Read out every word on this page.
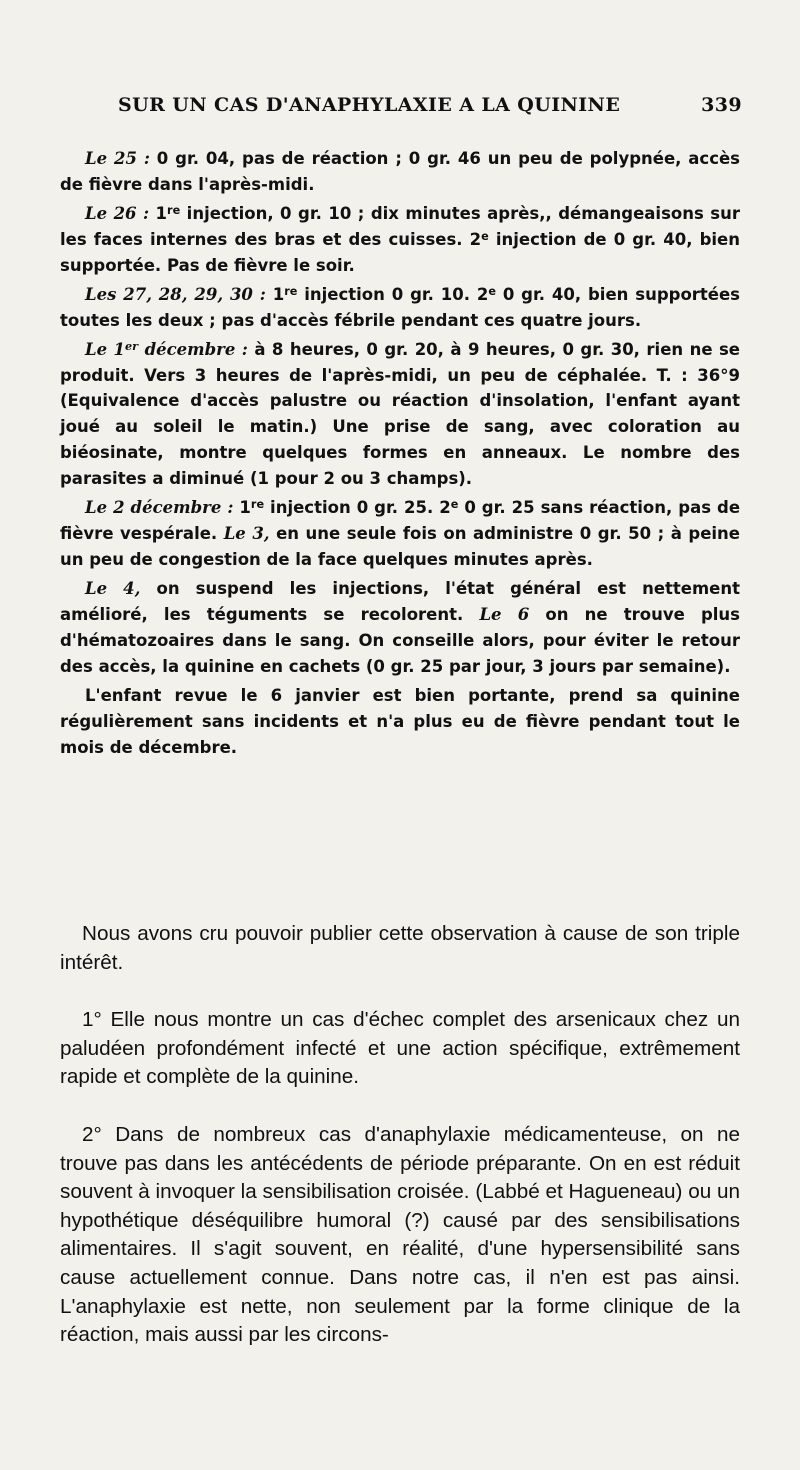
SUR UN CAS D'ANAPHYLAXIE A LA QUININE	339

Le 25 : 0 gr. 04, pas de réaction ; 0 gr. 46 un peu de polypnée, accès de fièvre dans l'après-midi.

Le 26 : 1re injection, 0 gr. 10 ; dix minutes après,, démangeaisons sur les faces internes des bras et des cuisses. 2e injection de 0 gr. 40, bien supportée. Pas de fièvre le soir.

Les 27, 28, 29, 30 : 1re injection 0 gr. 10. 2e 0 gr. 40, bien supportées toutes les deux ; pas d'accès fébrile pendant ces quatre jours.

Le 1er décembre : à 8 heures, 0 gr. 20, à 9 heures, 0 gr. 30, rien ne se produit. Vers 3 heures de l'après-midi, un peu de céphalée. T. : 36°9 (Equivalence d'accès palustre ou réaction d'insolation, l'enfant ayant joué au soleil le matin.) Une prise de sang, avec coloration au biéosinate, montre quelques formes en anneaux. Le nombre des parasites a diminué (1 pour 2 ou 3 champs).

Le 2 décembre : 1re injection 0 gr. 25. 2e 0 gr. 25 sans réaction, pas de fièvre vespérale. Le 3, en une seule fois on administre 0 gr. 50 ; à peine un peu de congestion de la face quelques minutes après.

Le 4, on suspend les injections, l'état général est nettement amélioré, les téguments se recolorent. Le 6 on ne trouve plus d'hématozoaires dans le sang. On conseille alors, pour éviter le retour des accès, la quinine en cachets (0 gr. 25 par jour, 3 jours par semaine).

L'enfant revue le 6 janvier est bien portante, prend sa quinine régulièrement sans incidents et n'a plus eu de fièvre pendant tout le mois de décembre.

Nous avons cru pouvoir publier cette observation à cause de son triple intérêt.

1° Elle nous montre un cas d'échec complet des arsenicaux chez un paludéen profondément infecté et une action spécifique, extrêmement rapide et complète de la quinine.

2° Dans de nombreux cas d'anaphylaxie médicamenteuse, on ne trouve pas dans les antécédents de période préparante. On en est réduit souvent à invoquer la sensibilisation croisée. (Labbé et Haguenеau) ou un hypothétique déséquilibre humoral (?) causé par des sensibilisations alimentaires. Il s'agit souvent, en réalité, d'une hypersensibilité sans cause actuellement connue. Dans notre cas, il n'en est pas ainsi. L'anaphylaxie est nette, non seulement par la forme clinique de la réaction, mais aussi par les circons-
